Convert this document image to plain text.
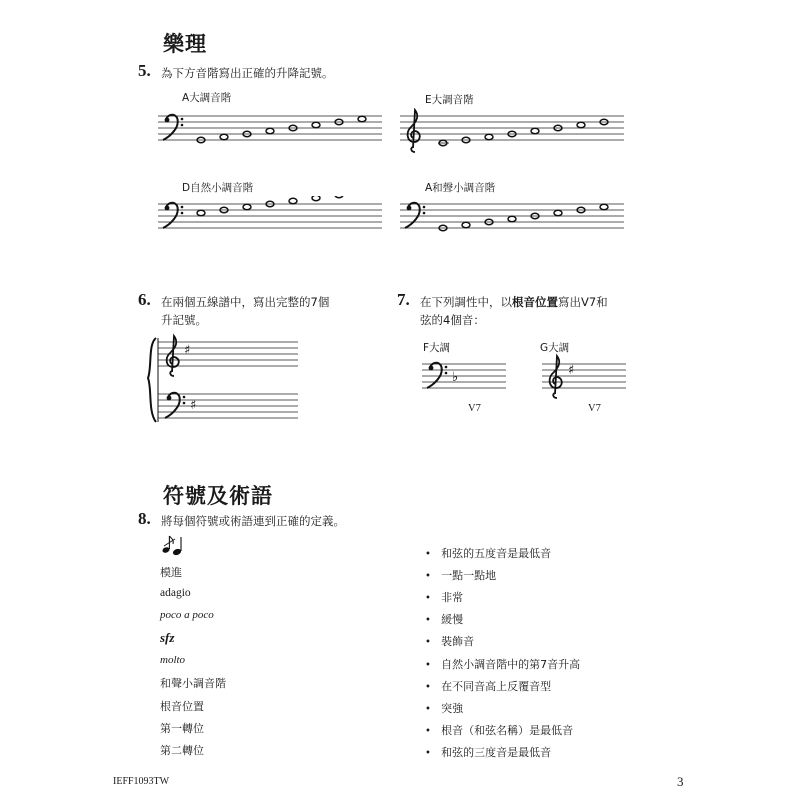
樂理
5. 為下方音階寫出正確的升降記號。
A大調音階	E大調音階
D自然小調音階	A和聲小調音階
6. 在兩個五線譜中，寫出完整的7個
升記號。
♯
♯
7. 在下列調性中，以根音位置寫出V7和
弦的4個音：
F大調	G大調
♭
V7
♯
V7
符號及術語
8. 將每個符號或術語連到正確的定義。
模進
adagio
poco a poco
sfz
molto
和聲小調音階
根音位置
第一轉位
第二轉位
• 和弦的五度音是最低音
• 一點一點地
• 非常
• 緩慢
• 裝飾音
• 自然小調音階中的第7音升高
• 在不同音高上反覆音型
• 突強
• 根音（和弦名稱）是最低音
• 和弦的三度音是最低音
IEFF1093TW	3
